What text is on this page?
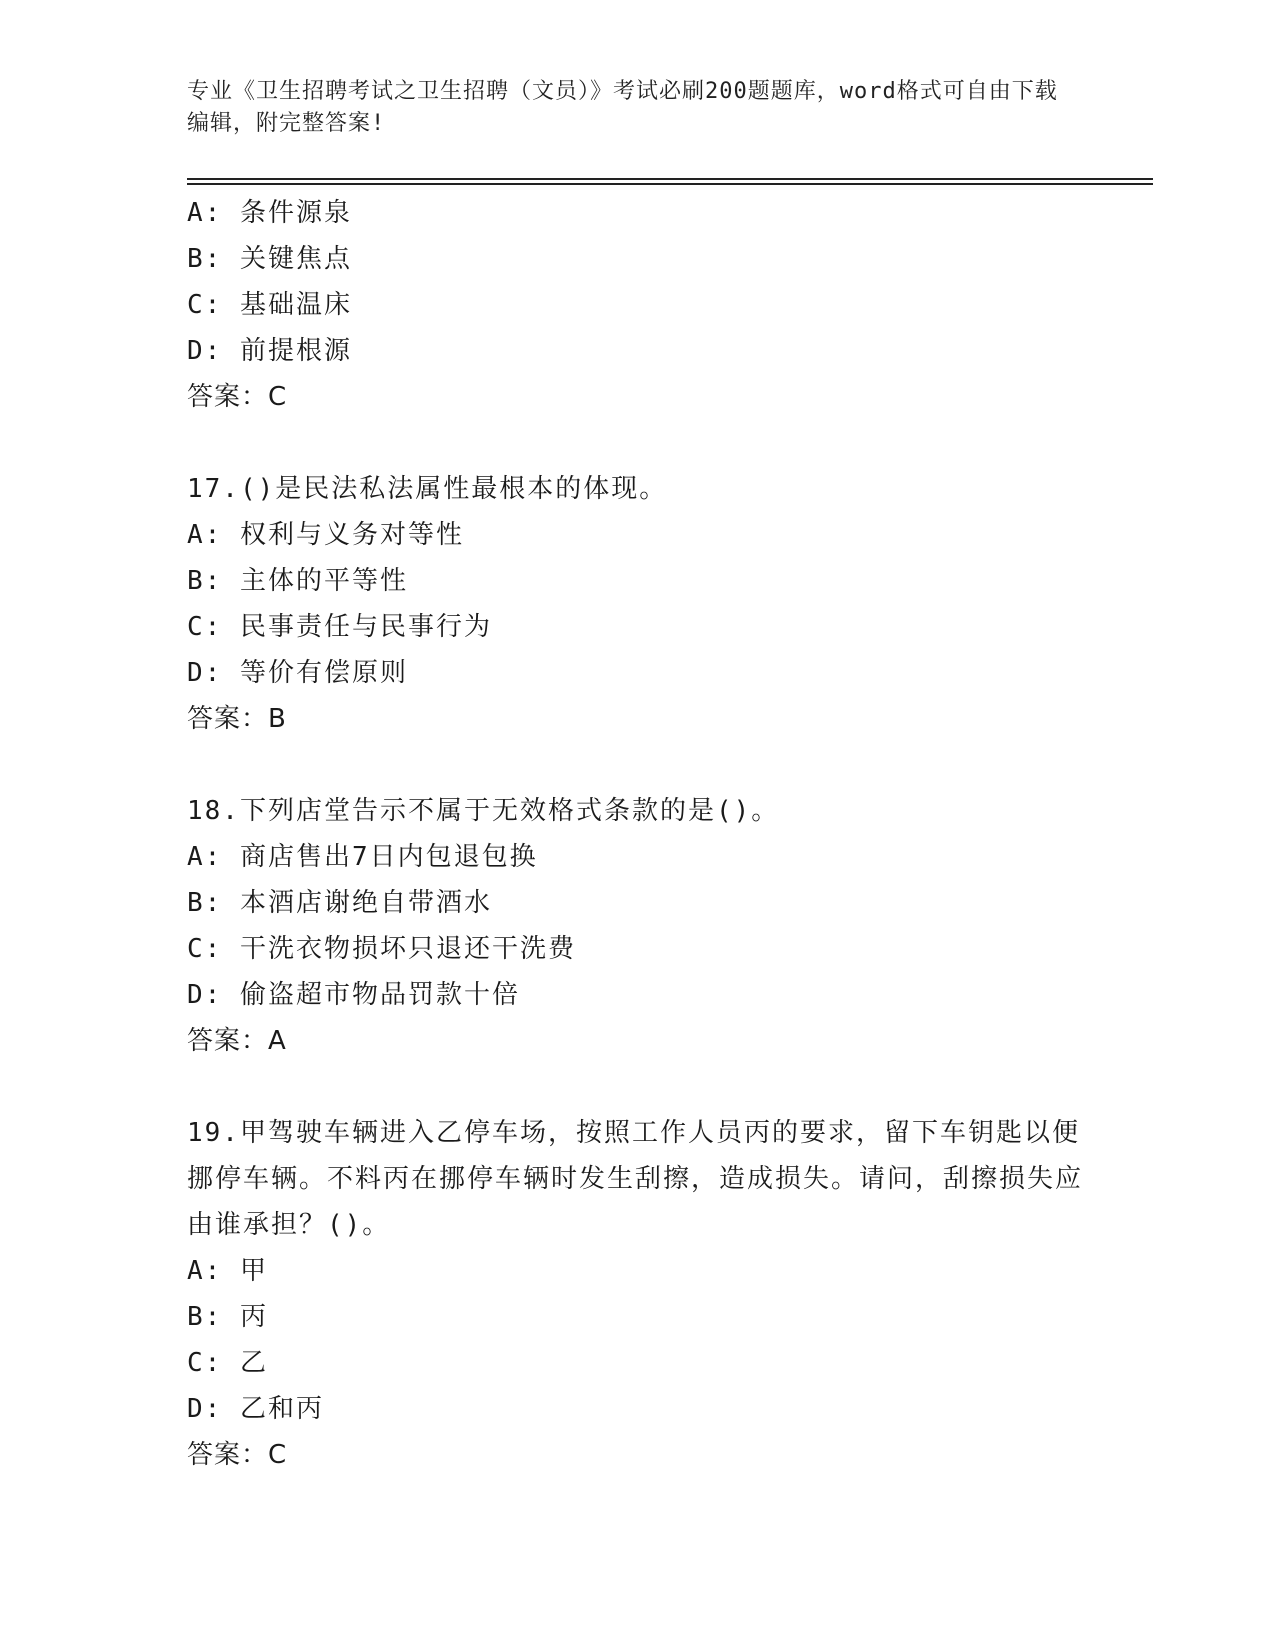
专业《卫生招聘考试之卫生招聘（文员）》考试必刷200题题库，word格式可自由下载编辑，附完整答案!
A: 条件源泉
B: 关键焦点
C: 基础温床
D: 前提根源
答案：C
17.()是民法私法属性最根本的体现。
A: 权利与义务对等性
B: 主体的平等性
C: 民事责任与民事行为
D: 等价有偿原则
答案：B
18.下列店堂告示不属于无效格式条款的是()。
A: 商店售出7日内包退包换
B: 本酒店谢绝自带酒水
C: 干洗衣物损坏只退还干洗费
D: 偷盗超市物品罚款十倍
答案：A
19.甲驾驶车辆进入乙停车场，按照工作人员丙的要求，留下车钥匙以便挪停车辆。不料丙在挪停车辆时发生刮擦，造成损失。请问，刮擦损失应由谁承担？()。
A: 甲
B: 丙
C: 乙
D: 乙和丙
答案：C
